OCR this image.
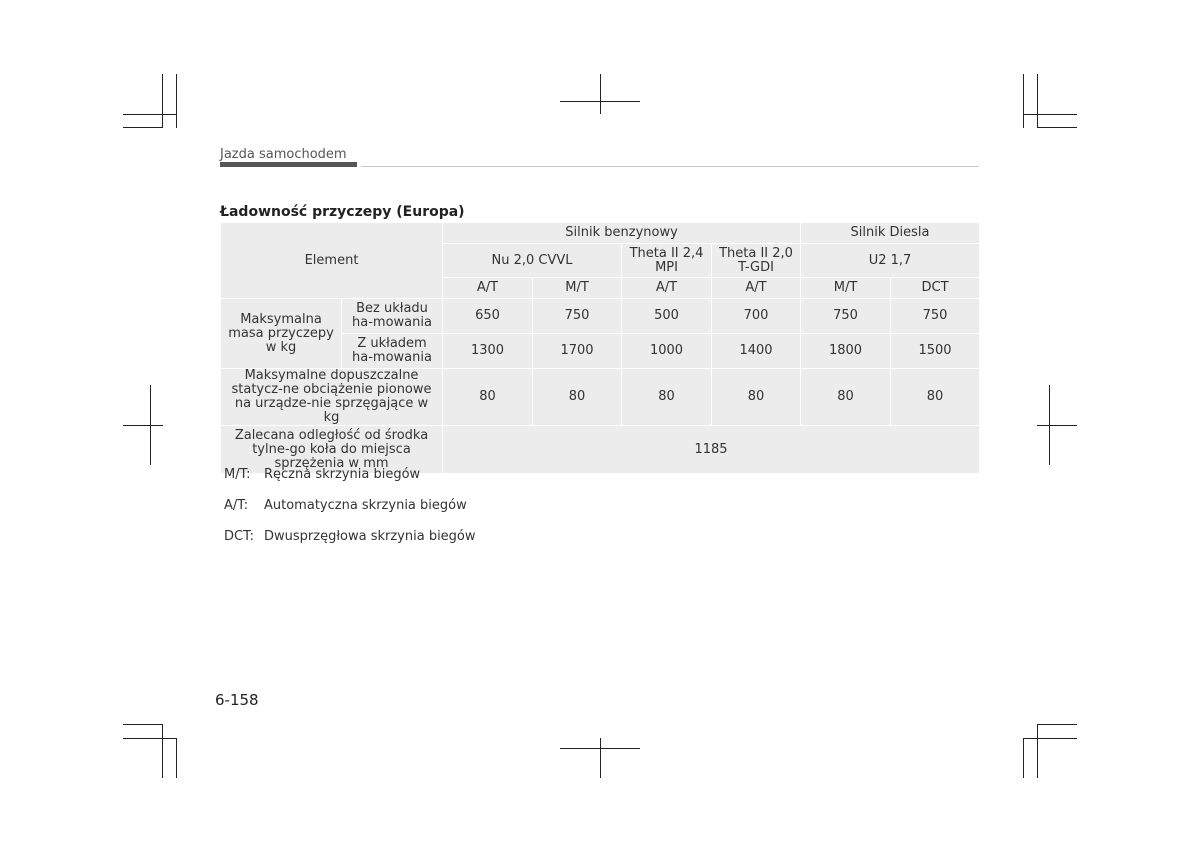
Jazda samochodem
Ładowność przyczepy (Europa)
Element		Silnik benzynowy				Silnik Diesla	
		Nu 2,0 CVVL		Theta II 2,4 MPI	Theta II 2,0 T-GDI	U2 1,7	
		A/T	M/T	A/T	A/T	M/T	DCT
Maksymalna masa przyczepy w kg	Bez układu ha-mowania	650	750	500	700	750	750
	Z układem ha-mowania	1300	1700	1000	1400	1800	1500
Maksymalne dopuszczalne statycz-ne obciążenie pionowe na urządze-nie sprzęgające w kg		80	80	80	80	80	80
Zalecana odległość od środka tylne-go koła do miejsca sprzężenia w mm		1185					
M/T: Ręczna skrzynia biegów
A/T: Automatyczna skrzynia biegów
DCT: Dwusprzęgłowa skrzynia biegów
6-158
